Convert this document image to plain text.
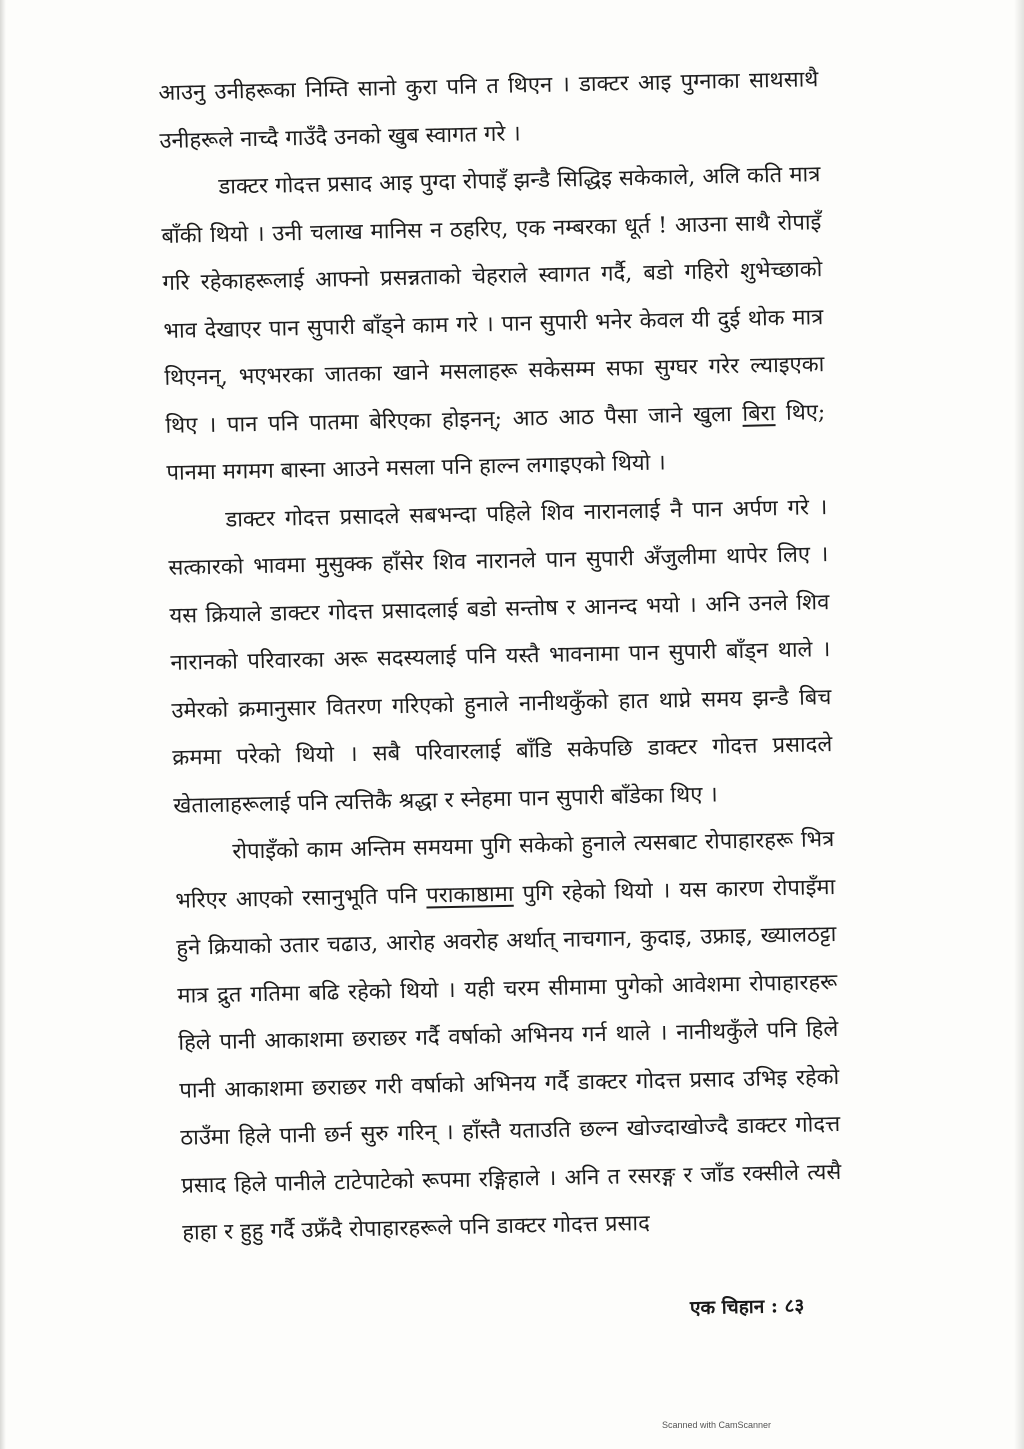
आउनु उनीहरूका निम्ति सानो कुरा पनि त थिएन । डाक्टर आइ पुग्नाका साथसाथै उनीहरूले नाच्दै गाउँदै उनको खुब स्वागत गरे ।

डाक्टर गोदत्त प्रसाद आइ पुग्दा रोपाइँ झन्डै सिद्धिइ सकेकाले, अलि कति मात्र बाँकी थियो । उनी चलाख मानिस न ठहरिए, एक नम्बरका धूर्त ! आउना साथै रोपाइँ गरि रहेकाहरूलाई आफ्नो प्रसन्नताको चेहराले स्वागत गर्दै, बडो गहिरो शुभेच्छाको भाव देखाएर पान सुपारी बाँड्ने काम गरे । पान सुपारी भनेर केवल यी दुई थोक मात्र थिएनन्, भएभरका जातका खाने मसलाहरू सकेसम्म सफा सुग्घर गरेर ल्याइएका थिए । पान पनि पातमा बेरिएका होइनन्; आठ आठ पैसा जाने खुला बिरा थिए; पानमा मगमग बास्ना आउने मसला पनि हाल्न लगाइएको थियो ।

डाक्टर गोदत्त प्रसादले सबभन्दा पहिले शिव नारानलाई नै पान अर्पण गरे । सत्कारको भावमा मुसुक्क हाँसेर शिव नारानले पान सुपारी अँजुलीमा थापेर लिए । यस क्रियाले डाक्टर गोदत्त प्रसादलाई बडो सन्तोष र आनन्द भयो । अनि उनले शिव नारानको परिवारका अरू सदस्यलाई पनि यस्तै भावनामा पान सुपारी बाँड्न थाले । उमेरको क्रमानुसार वितरण गरिएको हुनाले नानीथकुँको हात थाप्ने समय झन्डै बिच क्रममा परेको थियो । सबै परिवारलाई बाँडि सकेपछि डाक्टर गोदत्त प्रसादले खेतालाहरूलाई पनि त्यत्तिकै श्रद्धा र स्नेहमा पान सुपारी बाँडेका थिए ।

रोपाइँको काम अन्तिम समयमा पुगि सकेको हुनाले त्यसबाट रोपाहारहरू भित्र भरिएर आएको रसानुभूति पनि पराकाष्ठामा पुगि रहेको थियो । यस कारण रोपाइँमा हुने क्रियाको उतार चढाउ, आरोह अवरोह अर्थात् नाचगान, कुदाइ, उफ्राइ, ख्यालठट्टा मात्र द्रुत गतिमा बढि रहेको थियो । यही चरम सीमामा पुगेको आवेशमा रोपाहारहरू हिले पानी आकाशमा छराछर गर्दै वर्षाको अभिनय गर्न थाले । नानीथकुँले पनि हिले पानी आकाशमा छराछर गरी वर्षाको अभिनय गर्दै डाक्टर गोदत्त प्रसाद उभिइ रहेको ठाउँमा हिले पानी छर्न सुरु गरिन् । हाँस्तै यताउति छल्न खोज्दाखोज्दै डाक्टर गोदत्त प्रसाद हिले पानीले टाटेपाटेको रूपमा रङ्गिहाले । अनि त रसरङ्ग र जाँड रक्सीले त्यसै हाहा र हुहु गर्दै उफ्रँदै रोपाहारहरूले पनि डाक्टर गोदत्त प्रसाद

एक चिहान : ८३
Scanned with CamScanner
